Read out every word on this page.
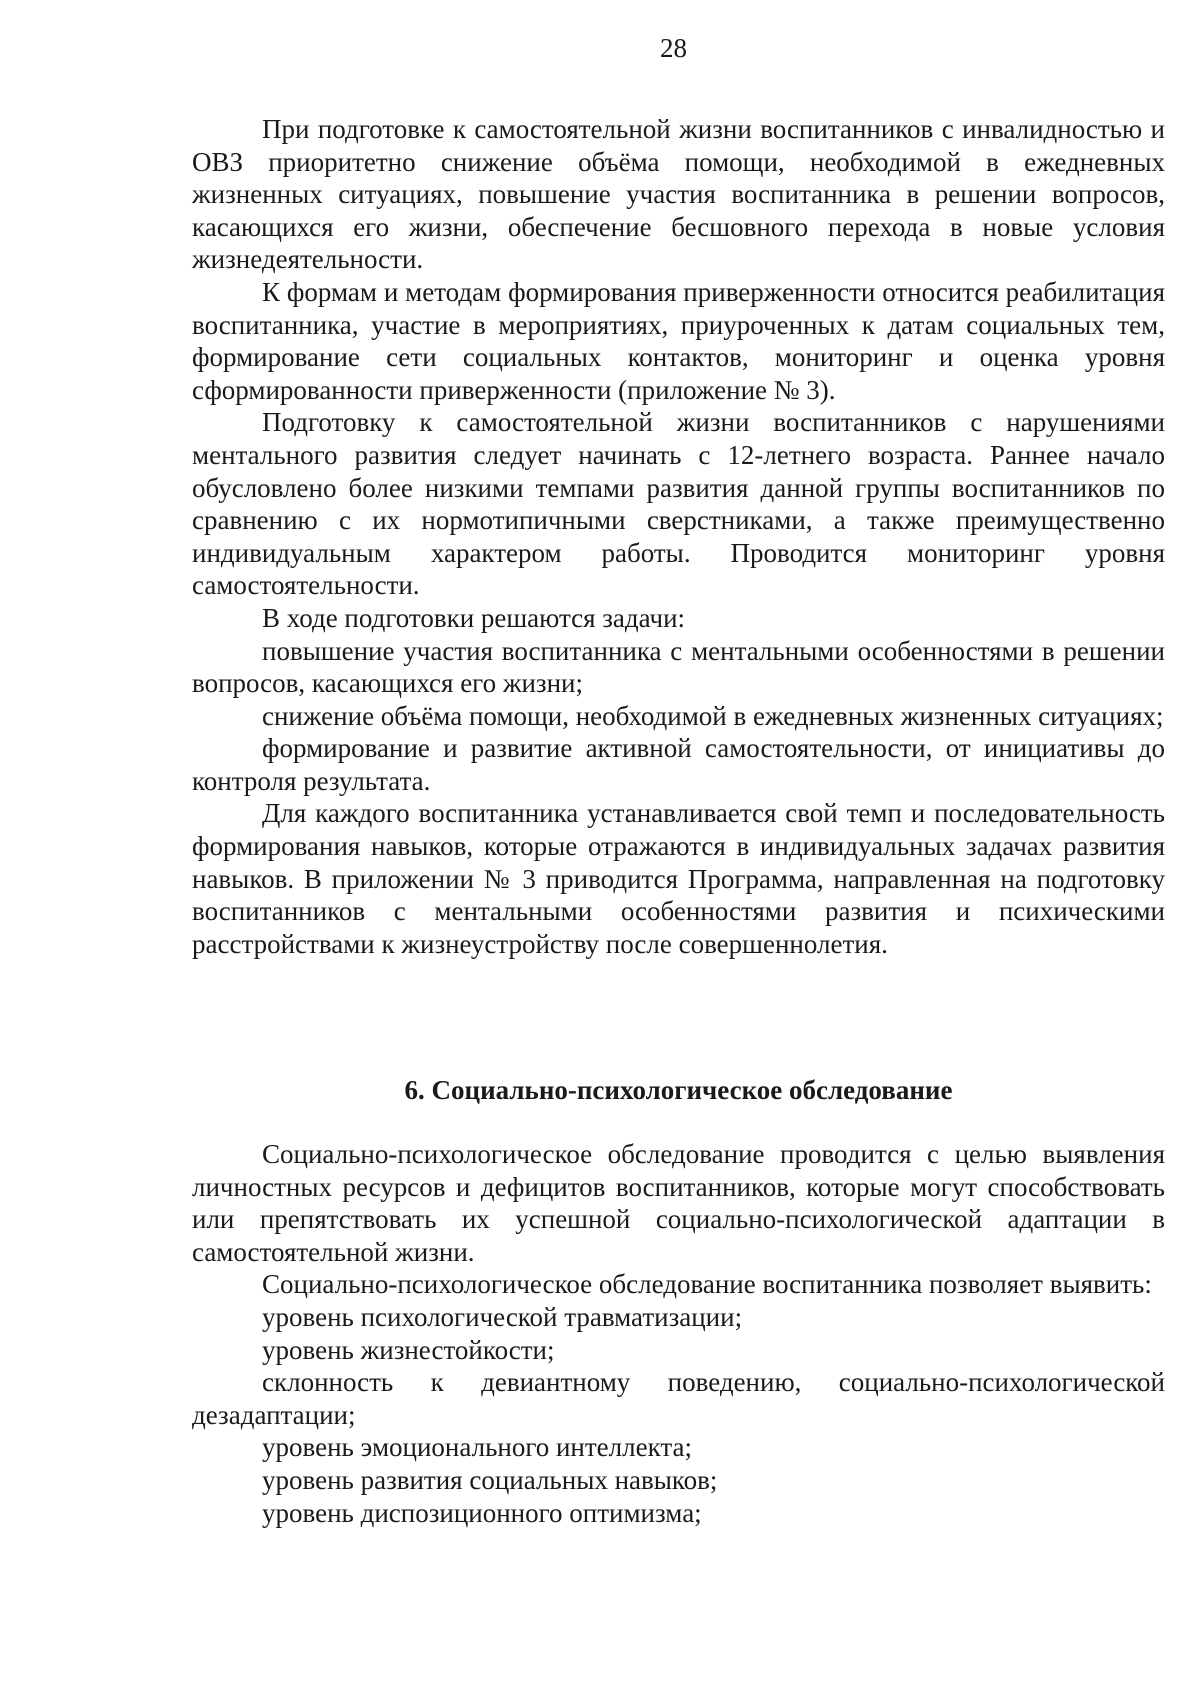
28

При подготовке к самостоятельной жизни воспитанников с инвалидностью и ОВЗ приоритетно снижение объёма помощи, необходимой в ежедневных жизненных ситуациях, повышение участия воспитанника в решении вопросов, касающихся его жизни, обеспечение бесшовного перехода в новые условия жизнедеятельности.

К формам и методам формирования приверженности относится реабилитация воспитанника, участие в мероприятиях, приуроченных к датам социальных тем, формирование сети социальных контактов, мониторинг и оценка уровня сформированности приверженности (приложение № 3).

Подготовку к самостоятельной жизни воспитанников с нарушениями ментального развития следует начинать с 12-летнего возраста. Раннее начало обусловлено более низкими темпами развития данной группы воспитанников по сравнению с их нормотипичными сверстниками, а также преимущественно индивидуальным характером работы. Проводится мониторинг уровня самостоятельности.

В ходе подготовки решаются задачи:

повышение участия воспитанника с ментальными особенностями в решении вопросов, касающихся его жизни;

снижение объёма помощи, необходимой в ежедневных жизненных ситуациях;

формирование и развитие активной самостоятельности, от инициативы до контроля результата.

Для каждого воспитанника устанавливается свой темп и последовательность формирования навыков, которые отражаются в индивидуальных задачах развития навыков. В приложении № 3 приводится Программа, направленная на подготовку воспитанников с ментальными особенностями развития и психическими расстройствами к жизнеустройству после совершеннолетия.

6. Социально-психологическое обследование

Социально-психологическое обследование проводится с целью выявления личностных ресурсов и дефицитов воспитанников, которые могут способствовать или препятствовать их успешной социально-психологической адаптации в самостоятельной жизни.

Социально-психологическое обследование воспитанника позволяет выявить:

уровень психологической травматизации;

уровень жизнестойкости;

склонность к девиантному поведению, социально-психологической дезадаптации;

уровень эмоционального интеллекта;

уровень развития социальных навыков;

уровень диспозиционного оптимизма;
